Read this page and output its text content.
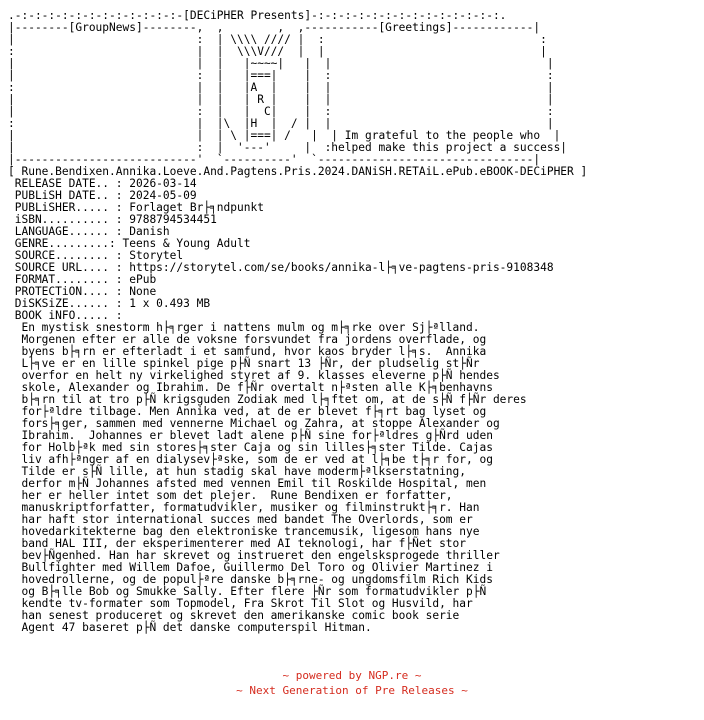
.-:-:-:-:-:-:-:-:-:-:-:-:-[DECiPHER Presents]-:-:-:-:-:-:-:-:-:-:-:-:-:-:.
|--------[GroupNews]--------,  ,        ,  ,-----------[Greetings]------------|
|                           :  | \\\\ //// |  :                                :
:                           |  |  \\\V///  |  |                                |
|                           |  |   |~~~~|   |  |                                |
|                           :  |   |===|    |  :                                :
:                           |  |   |A  |    |  |                                |
|                           |  |   | R |    |  |                                |
|                           :  |   |  C|    |  :                                :
:                           |  |\  |H  |  / |  |                                |
|                           |  | \ |===| /   |  | Im grateful to the people who  |
|                           :  |  '---'     |  :helped make this project a success|
|---------------------------'  `----------'  `--------------------------------|
[ Rune.Bendixen.Annika.Loeve.And.Pagtens.Pris.2024.DANiSH.RETAiL.ePub.eBOOK-DECiPHER ]
RELEASE DATE.. : 2026-03-14
PUBLiSH DATE.. : 2024-05-09
PUBLiSHER..... : Forlaget Br├╕ndpunkt
iSBN.......... : 9788794534451
LANGUAGE...... : Danish
GENRE.........: Teens & Young Adult
SOURCE........ : Storytel
SOURCE URL.... : https://storytel.com/se/books/annika-l├╕ve-pagtens-pris-9108348
FORMAT........ : ePub
PROTECTiON.... : None
DiSKSiZE...... : 1 x 0.493 MB
BOOK iNFO..... :
En mystisk snestorm h├╕rger i nattens mulm og m├╕rke over Sj├ªlland.
Morgenen efter er alle de voksne forsvundet fra jordens overflade, og
byens b├╕rn er efterladt i et samfund, hvor kaos bryder l├╕s.  Annika
L├╕ve er en lille spinkel pige p├Ñ snart 13 ├Ñr, der pludselig st├Ñr
overfor en helt ny virkelighed styret af 9. klasses eleverne p├Ñ hendes
skole, Alexander og Ibrahim. De f├Ñr overtalt n├ªsten alle K├╕benhavns
b├╕rn til at tro p├Ñ krigsguden Zodiak med l├╕ftet om, at de s├Ñ f├Ñr deres
for├ªldre tilbage. Men Annika ved, at de er blevet f├╕rt bag lyset og
fors├╕ger, sammen med vennerne Michael og Zahra, at stoppe Alexander og
Ibrahim.  Johannes er blevet ladt alene p├Ñ sine for├ªldres g├Ñrd uden
for Holb├ªk med sin stores├╕ster Caja og sin lilles├╕ster Tilde. Cajas
liv afh├ªnger af en dialysev├ªske, som de er ved at l├╕be t├╕r for, og
Tilde er s├Ñ lille, at hun stadig skal have moderm├ªlkserstatning,
derfor m├Ñ Johannes afsted med vennen Emil til Roskilde Hospital, men
her er heller intet som det plejer.  Rune Bendixen er forfatter,
manuskriptforfatter, formatudvikler, musiker og filminstrukt├╕r. Han
har haft stor international succes med bandet The Overlords, som er
hovedarkitekterne bag den elektroniske trancemusik, ligesom hans nye
band HAL III, der eksperimenterer med AI teknologi, har f├Ñet stor
bev├Ñgenhed. Han har skrevet og instrueret den engelsksprogede thriller
Bullfighter med Willem Dafoe, Guillermo Del Toro og Olivier Martinez i
hovedrollerne, og de popul├ªre danske b├╕rne- og ungdomsfilm Rich Kids
og B├╕lle Bob og Smukke Sally. Efter flere ├Ñr som formatudvikler p├Ñ
kendte tv-formater som Topmodel, Fra Skrot Til Slot og Husvild, har
han senest produceret og skrevet den amerikanske comic book serie
Agent 47 baseret p├Ñ det danske computerspil Hitman.
~ powered by NGP.re ~
~ Next Generation of Pre Releases ~
